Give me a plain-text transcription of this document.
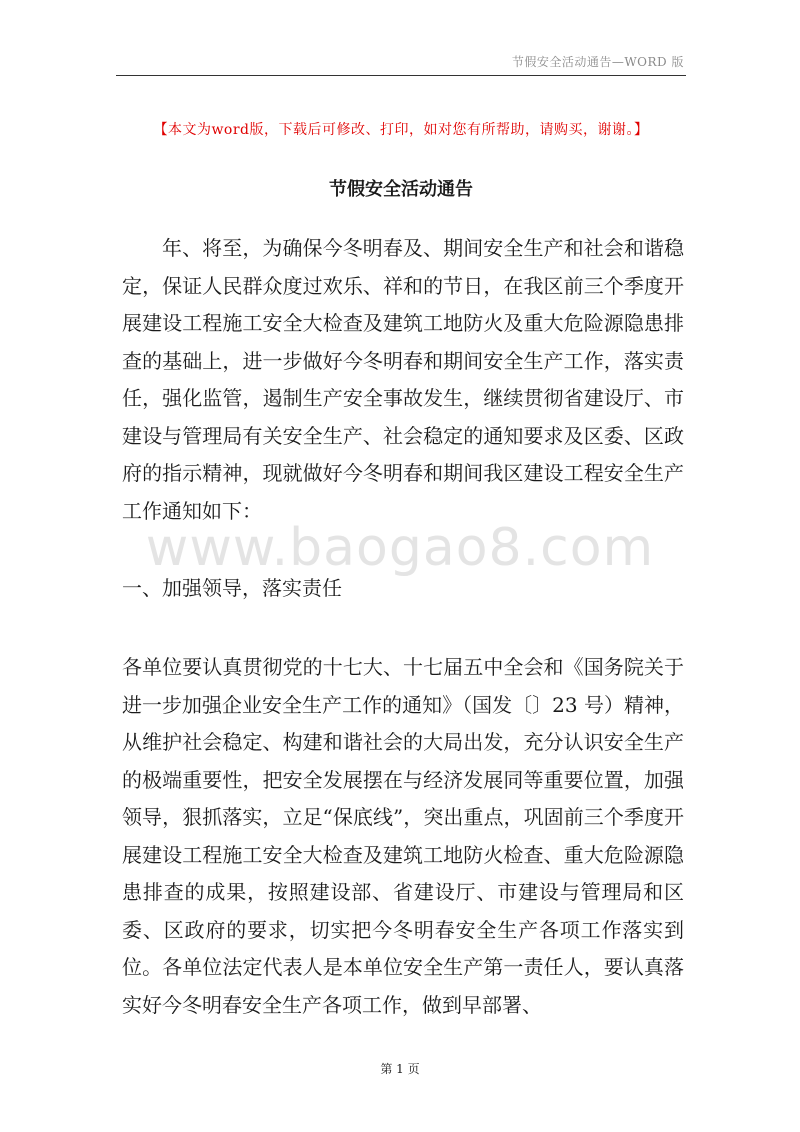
节假安全活动通告—WORD 版
【本文为word版，下载后可修改、打印，如对您有所帮助，请购买，谢谢。】
节假安全活动通告
年、将至，为确保今冬明春及、期间安全生产和社会和谐稳定，保证人民群众度过欢乐、祥和的节日，在我区前三个季度开展建设工程施工安全大检查及建筑工地防火及重大危险源隐患排查的基础上，进一步做好今冬明春和期间安全生产工作，落实责任，强化监管，遏制生产安全事故发生，继续贯彻省建设厅、市建设与管理局有关安全生产、社会稳定的通知要求及区委、区政府的指示精神，现就做好今冬明春和期间我区建设工程安全生产工作通知如下：
www.baogao8.com
一、加强领导，落实责任
各单位要认真贯彻党的十七大、十七届五中全会和《国务院关于进一步加强企业安全生产工作的通知》（国发〔〕23 号）精神，从维护社会稳定、构建和谐社会的大局出发，充分认识安全生产的极端重要性，把安全发展摆在与经济发展同等重要位置，加强领导，狠抓落实，立足“保底线”，突出重点，巩固前三个季度开展建设工程施工安全大检查及建筑工地防火检查、重大危险源隐患排查的成果，按照建设部、省建设厅、市建设与管理局和区委、区政府的要求，切实把今冬明春安全生产各项工作落实到位。各单位法定代表人是本单位安全生产第一责任人，要认真落实好今冬明春安全生产各项工作，做到早部署、
第 1 页
